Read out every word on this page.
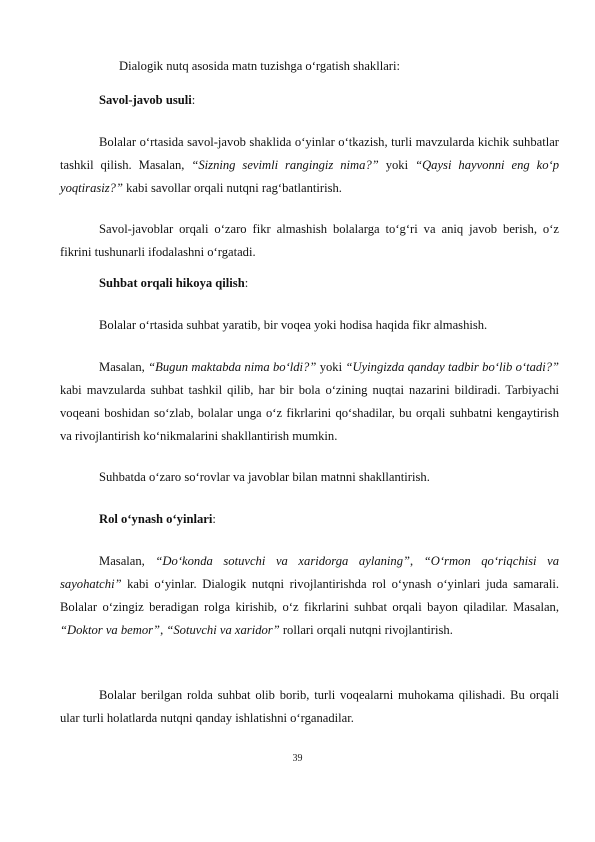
Dialogik nutq asosida matn tuzishga o‘rgatish shakllari:

Savol-javob usuli:

Bolalar o‘rtasida savol-javob shaklida o‘yinlar o‘tkazish, turli mavzularda kichik suhbatlar tashkil qilish. Masalan, “Sizning sevimli rangingiz nima?” yoki “Qaysi hayvonni eng ko‘p yoqtirasiz?” kabi savollar orqali nutqni rag‘batlantirish.

Savol-javoblar orqali o‘zaro fikr almashish bolalarga to‘g‘ri va aniq javob berish, o‘z fikrini tushunarli ifodalashni o‘rgatadi.

Suhbat orqali hikoya qilish:

Bolalar o‘rtasida suhbat yaratib, bir voqea yoki hodisa haqida fikr almashish.

Masalan, “Bugun maktabda nima bo‘ldi?” yoki “Uyingizda qanday tadbir bo‘lib o‘tadi?” kabi mavzularda suhbat tashkil qilib, har bir bola o‘zining nuqtai nazarini bildiradi. Tarbiyachi voqeani boshidan so‘zlab, bolalar unga o‘z fikrlarini qo‘shadilar, bu orqali suhbatni kengaytirish va rivojlantirish ko‘nikmalarini shakllantirish mumkin.

Suhbatda o‘zaro so‘rovlar va javoblar bilan matnni shakllantirish.

Rol o‘ynash o‘yinlari:

Masalan, “Do‘konda sotuvchi va xaridorga aylaning”, “O‘rmon qo‘riqchisi va sayohatchi” kabi o‘yinlar. Dialogik nutqni rivojlantirishda rol o‘ynash o‘yinlari juda samarali. Bolalar o‘zingiz beradigan rolga kirishib, o‘z fikrlarini suhbat orqali bayon qiladilar. Masalan, “Doktor va bemor”, “Sotuvchi va xaridor” rollari orqali nutqni rivojlantirish.

Bolalar berilgan rolda suhbat olib borib, turli voqealarni muhokama qilishadi. Bu orqali ular turli holatlarda nutqni qanday ishlatishni o‘rganadilar.

39
